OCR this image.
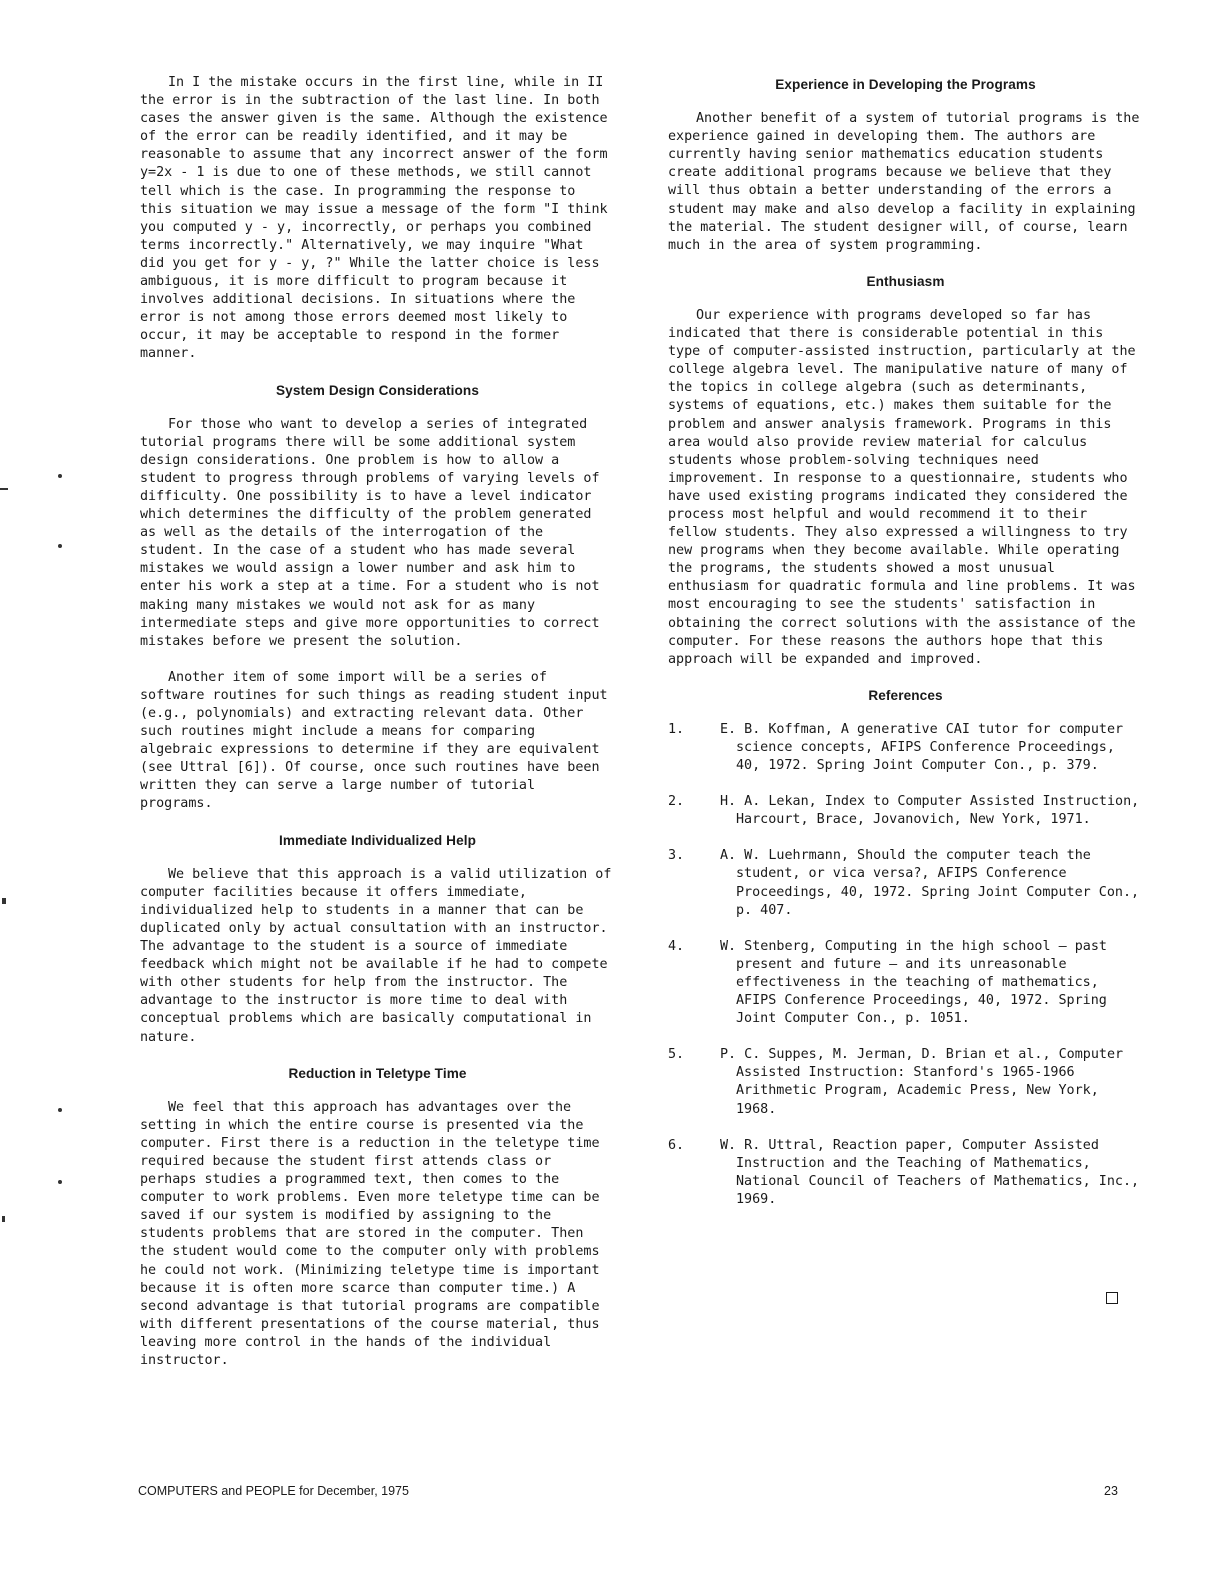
In I the mistake occurs in the first line, while in II the error is in the subtraction of the last line. In both cases the answer given is the same. Although the existence of the error can be readily identified, and it may be reasonable to assume that any incorrect answer of the form y=2x - 1 is due to one of these methods, we still cannot tell which is the case. In programming the response to this situation we may issue a message of the form "I think you computed y - y, incorrectly, or perhaps you combined terms incorrectly." Alternatively, we may inquire "What did you get for y - y, ?" While the latter choice is less ambiguous, it is more difficult to program because it involves additional decisions. In situations where the error is not among those errors deemed most likely to occur, it may be acceptable to respond in the former manner.

System Design Considerations

For those who want to develop a series of integrated tutorial programs there will be some additional system design considerations. One problem is how to allow a student to progress through problems of varying levels of difficulty. One possibility is to have a level indicator which determines the difficulty of the problem generated as well as the details of the interrogation of the student. In the case of a student who has made several mistakes we would assign a lower number and ask him to enter his work a step at a time. For a student who is not making many mistakes we would not ask for as many intermediate steps and give more opportunities to correct mistakes before we present the solution.

Another item of some import will be a series of software routines for such things as reading student input (e.g., polynomials) and extracting relevant data. Other such routines might include a means for comparing algebraic expressions to determine if they are equivalent (see Uttral [6]). Of course, once such routines have been written they can serve a large number of tutorial programs.

Immediate Individualized Help

We believe that this approach is a valid utilization of computer facilities because it offers immediate, individualized help to students in a manner that can be duplicated only by actual consultation with an instructor. The advantage to the student is a source of immediate feedback which might not be available if he had to compete with other students for help from the instructor. The advantage to the instructor is more time to deal with conceptual problems which are basically computational in nature.

Reduction in Teletype Time

We feel that this approach has advantages over the setting in which the entire course is presented via the computer. First there is a reduction in the teletype time required because the student first attends class or perhaps studies a programmed text, then comes to the computer to work problems. Even more teletype time can be saved if our system is modified by assigning to the students problems that are stored in the computer. Then the student would come to the computer only with problems he could not work. (Minimizing teletype time is important because it is often more scarce than computer time.) A second advantage is that tutorial programs are compatible with different presentations of the course material, thus leaving more control in the hands of the individual instructor.

Experience in Developing the Programs

Another benefit of a system of tutorial programs is the experience gained in developing them. The authors are currently having senior mathematics education students create additional programs because we believe that they will thus obtain a better understanding of the errors a student may make and also develop a facility in explaining the material. The student designer will, of course, learn much in the area of system programming.

Enthusiasm

Our experience with programs developed so far has indicated that there is considerable potential in this type of computer-assisted instruction, particularly at the college algebra level. The manipulative nature of many of the topics in college algebra (such as determinants, systems of equations, etc.) makes them suitable for the problem and answer analysis framework. Programs in this area would also provide review material for calculus students whose problem-solving techniques need improvement. In response to a questionnaire, students who have used existing programs indicated they considered the process most helpful and would recommend it to their fellow students. They also expressed a willingness to try new programs when they become available. While operating the programs, the students showed a most unusual enthusiasm for quadratic formula and line problems. It was most encouraging to see the students' satisfaction in obtaining the correct solutions with the assistance of the computer. For these reasons the authors hope that this approach will be expanded and improved.

References
1.	E. B. Koffman, A generative CAI tutor for computer science concepts, AFIPS Conference Proceedings, 40, 1972. Spring Joint Computer Con., p. 379.
2.	H. A. Lekan, Index to Computer Assisted Instruction, Harcourt, Brace, Jovanovich, New York, 1971.
3.	A. W. Luehrmann, Should the computer teach the student, or vica versa?, AFIPS Conference Proceedings, 40, 1972. Spring Joint Computer Con., p. 407.
4.	W. Stenberg, Computing in the high school — past present and future — and its unreasonable effectiveness in the teaching of mathematics, AFIPS Conference Proceedings, 40, 1972. Spring Joint Computer Con., p. 1051.
5.	P. C. Suppes, M. Jerman, D. Brian et al., Computer Assisted Instruction: Stanford's 1965-1966 Arithmetic Program, Academic Press, New York, 1968.
6.	W. R. Uttral, Reaction paper, Computer Assisted Instruction and the Teaching of Mathematics, National Council of Teachers of Mathematics, Inc., 1969.
COMPUTERS and PEOPLE for December, 1975	23
